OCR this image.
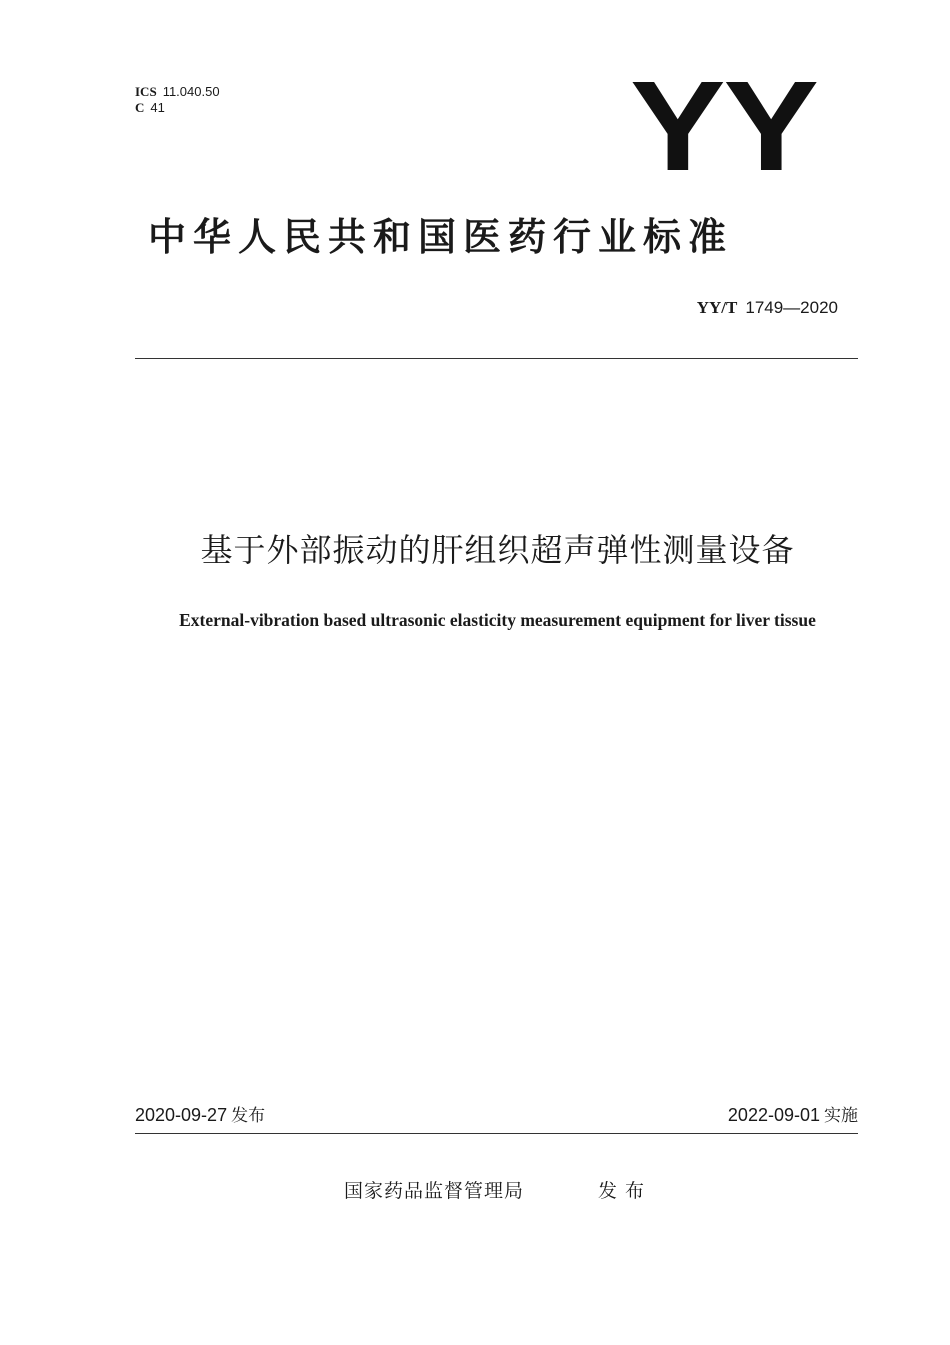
ICS 11.040.50
C 41	YY
中华人民共和国医药行业标准
YY/T 1749—2020
基于外部振动的肝组织超声弹性测量设备
External-vibration based ultrasonic elasticity measurement equipment for liver tissue
2020-09-27 发布	2022-09-01 实施
国家药品监督管理局	发布
